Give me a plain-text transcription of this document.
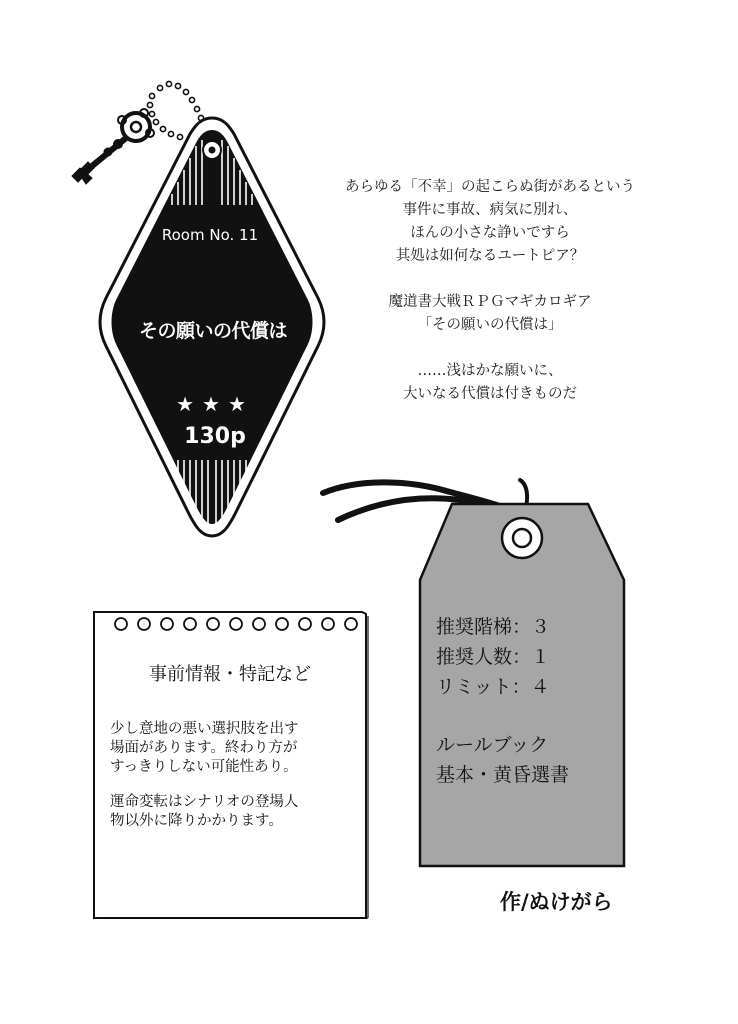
Room No. 11
その願いの代償は
★★★
130p

あらゆる「不幸」の起こらぬ街があるという

事件に事故、病気に別れ、

ほんの小さな諍いですら

其処は如何なるユートピア？

魔道書大戦ＲＰＧマギカロギア

「その願いの代償は」

……浅はかな願いに、

大いなる代償は付きものだ

事前情報・特記など

少し意地の悪い選択肢を出す

場面があります。終わり方が

すっきりしない可能性あり。

運命変転はシナリオの登場人

物以外に降りかかります。

推奨階梯：３

推奨人数：１

リミット：４

ルールブック

基本・黄昏選書

作/ぬけがら
